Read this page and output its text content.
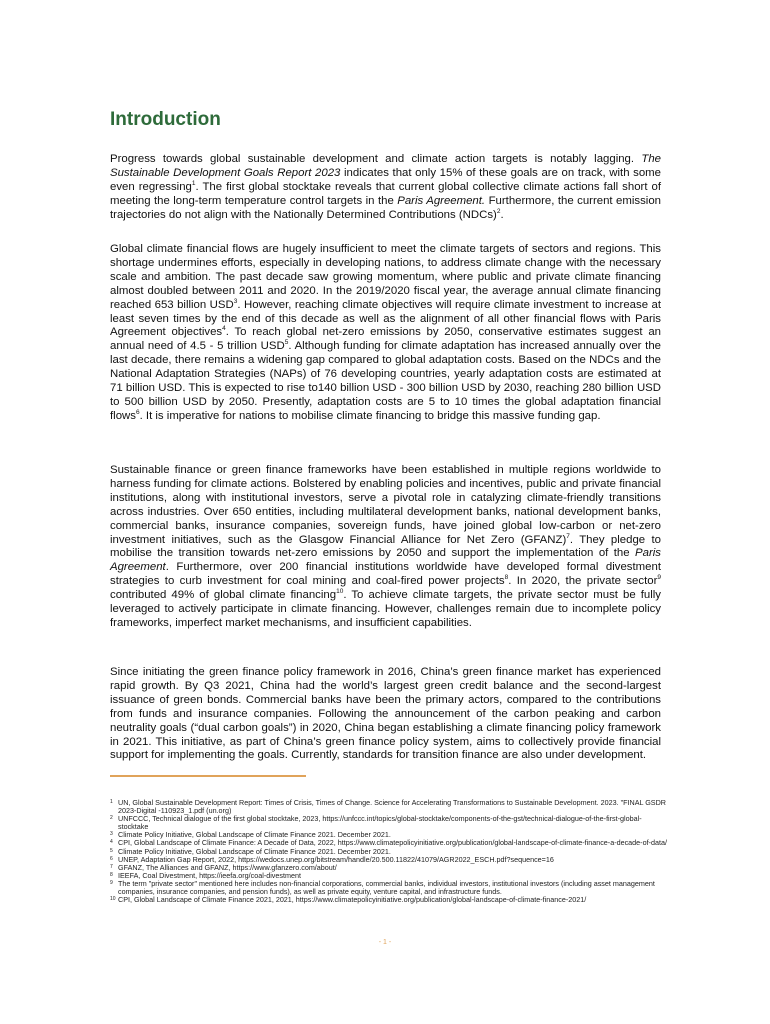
Introduction

Progress towards global sustainable development and climate action targets is notably lagging. The Sustainable Development Goals Report 2023 indicates that only 15% of these goals are on track, with some even regressing$^1$. The first global stocktake reveals that current global collective climate actions fall short of meeting the long-term temperature control targets in the Paris Agreement. Furthermore, the current emission trajectories do not align with the Nationally Determined Contributions (NDCs)$^2$.

Global climate financial flows are hugely insufficient to meet the climate targets of sectors and regions. This shortage undermines efforts, especially in developing nations, to address climate change with the necessary scale and ambition. The past decade saw growing momentum, where public and private climate financing almost doubled between 2011 and 2020. In the 2019/2020 fiscal year, the average annual climate financing reached 653 billion USD$^3$. However, reaching climate objectives will require climate investment to increase at least seven times by the end of this decade as well as the alignment of all other financial flows with Paris Agreement objectives$^4$. To reach global net-zero emissions by 2050, conservative estimates suggest an annual need of 4.5 - 5 trillion USD$^5$. Although funding for climate adaptation has increased annually over the last decade, there remains a widening gap compared to global adaptation costs. Based on the NDCs and the National Adaptation Strategies (NAPs) of 76 developing countries, yearly adaptation costs are estimated at 71 billion USD. This is expected to rise to140 billion USD - 300 billion USD by 2030, reaching 280 billion USD to 500 billion USD by 2050. Presently, adaptation costs are 5 to 10 times the global adaptation financial flows$^6$. It is imperative for nations to mobilise climate financing to bridge this massive funding gap.

Sustainable finance or green finance frameworks have been established in multiple regions worldwide to harness funding for climate actions. Bolstered by enabling policies and incentives, public and private financial institutions, along with institutional investors, serve a pivotal role in catalyzing climate-friendly transitions across industries. Over 650 entities, including multilateral development banks, national development banks, commercial banks, insurance companies, sovereign funds, have joined global low-carbon or net-zero investment initiatives, such as the Glasgow Financial Alliance for Net Zero (GFANZ)$^7$. They pledge to mobilise the transition towards net-zero emissions by 2050 and support the implementation of the Paris Agreement. Furthermore, over 200 financial institutions worldwide have developed formal divestment strategies to curb investment for coal mining and coal-fired power projects$^8$. In 2020, the private sector$^9$ contributed 49% of global climate financing$^{10}$. To achieve climate targets, the private sector must be fully leveraged to actively participate in climate financing. However, challenges remain due to incomplete policy frameworks, imperfect market mechanisms, and insufficient capabilities.

Since initiating the green finance policy framework in 2016, China’s green finance market has experienced rapid growth. By Q3 2021, China had the world’s largest green credit balance and the second-largest issuance of green bonds. Commercial banks have been the primary actors, compared to the contributions from funds and insurance companies. Following the announcement of the carbon peaking and carbon neutrality goals (“dual carbon goals”) in 2020, China began establishing a climate financing policy framework in 2021. This initiative, as part of China’s green finance policy system, aims to collectively provide financial support for implementing the goals. Currently, standards for transition finance are also under development.

1 UN, Global Sustainable Development Report: Times of Crisis, Times of Change. Science for Accelerating Transformations to Sustainable Development. 2023. "FINAL GSDR 2023-Digital -110923_1.pdf (un.org)
2 UNFCCC, Technical dialogue of the first global stocktake, 2023, https://unfccc.int/topics/global-stocktake/components-of-the-gst/technical-dialogue-of-the-first-global-stocktake
3 Climate Policy Initiative, Global Landscape of Climate Finance 2021. December 2021.
4 CPI, Global Landscape of Climate Finance: A Decade of Data, 2022, https://www.climatepolicyinitiative.org/publication/global-landscape-of-climate-finance-a-decade-of-data/
5 Climate Policy Initiative, Global Landscape of Climate Finance 2021. December 2021.
6 UNEP, Adaptation Gap Report, 2022, https://wedocs.unep.org/bitstream/handle/20.500.11822/41079/AGR2022_ESCH.pdf?sequence=16
7 GFANZ, The Alliances and GFANZ, https://www.gfanzero.com/about/
8 IEEFA, Coal Divestment, https://ieefa.org/coal-divestment
9 The term "private sector" mentioned here includes non-financial corporations, commercial banks, individual investors, institutional investors (including asset management companies, insurance companies, and pension funds), as well as private equity, venture capital, and infrastructure funds.
10 CPI, Global Landscape of Climate Finance 2021, 2021, https://www.climatepolicyinitiative.org/publication/global-landscape-of-climate-finance-2021/
- 1 -
